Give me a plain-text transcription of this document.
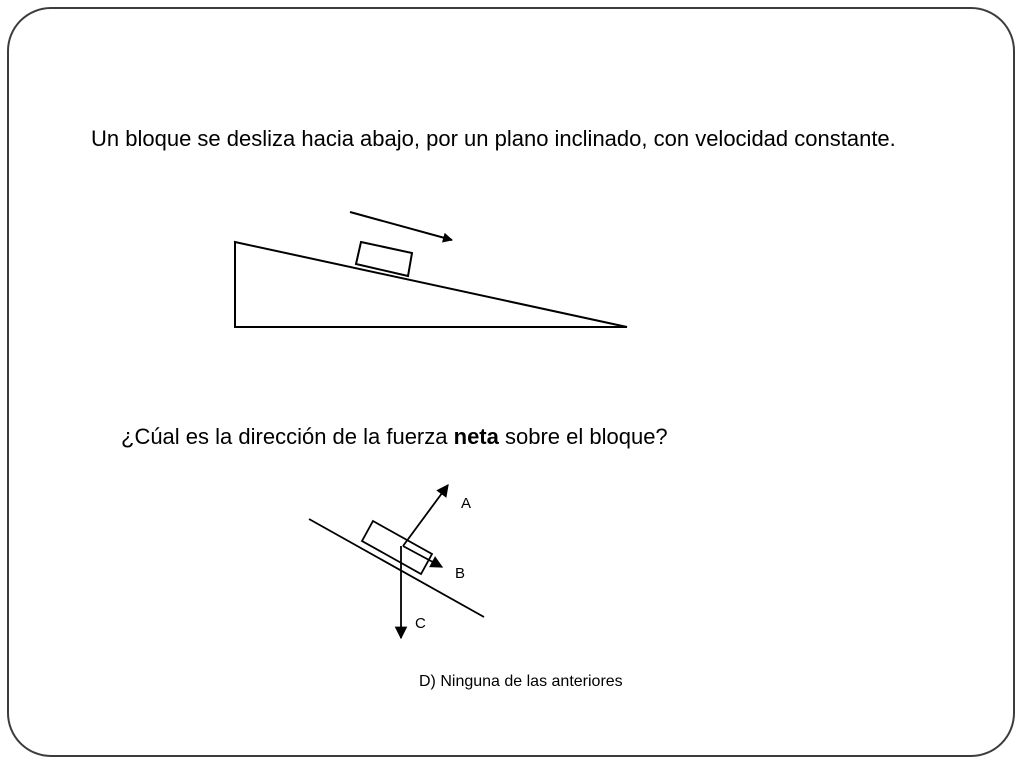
Un bloque se desliza hacia abajo, por un plano inclinado, con velocidad constante.

¿Cúal es la dirección de la fuerza neta sobre el bloque?

A
B
C
D) Ninguna de las anteriores
